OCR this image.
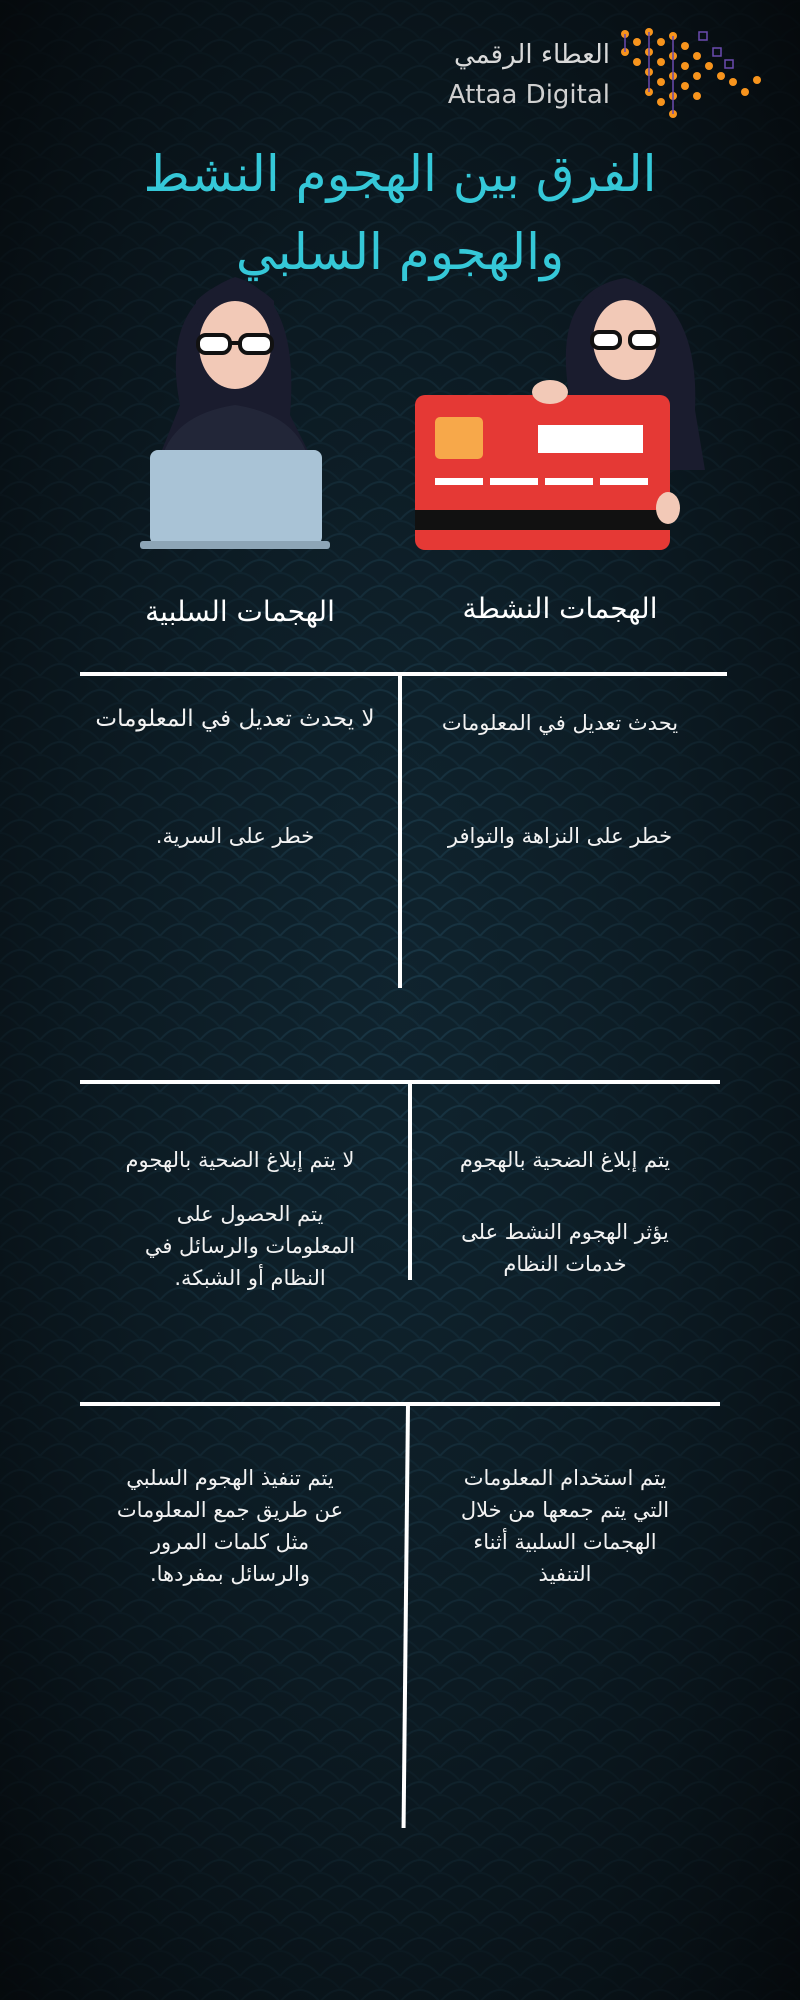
العطاء الرقمي
Attaa Digital
الفرق بين الهجوم النشط والهجوم السلبي
الهجمات النشطة
الهجمات السلبية
يحدث تعديل في المعلومات
خطر على النزاهة والتوافر
لا يحدث تعديل في المعلومات
خطر على السرية.
يتم إبلاغ الضحية بالهجوم
يؤثر الهجوم النشط على خدمات النظام
لا يتم إبلاغ الضحية بالهجوم
يتم الحصول على المعلومات والرسائل في النظام أو الشبكة.
يتم استخدام المعلومات التي يتم جمعها من خلال الهجمات السلبية أثناء التنفيذ
يتم تنفيذ الهجوم السلبي عن طريق جمع المعلومات مثل كلمات المرور والرسائل بمفردها.
